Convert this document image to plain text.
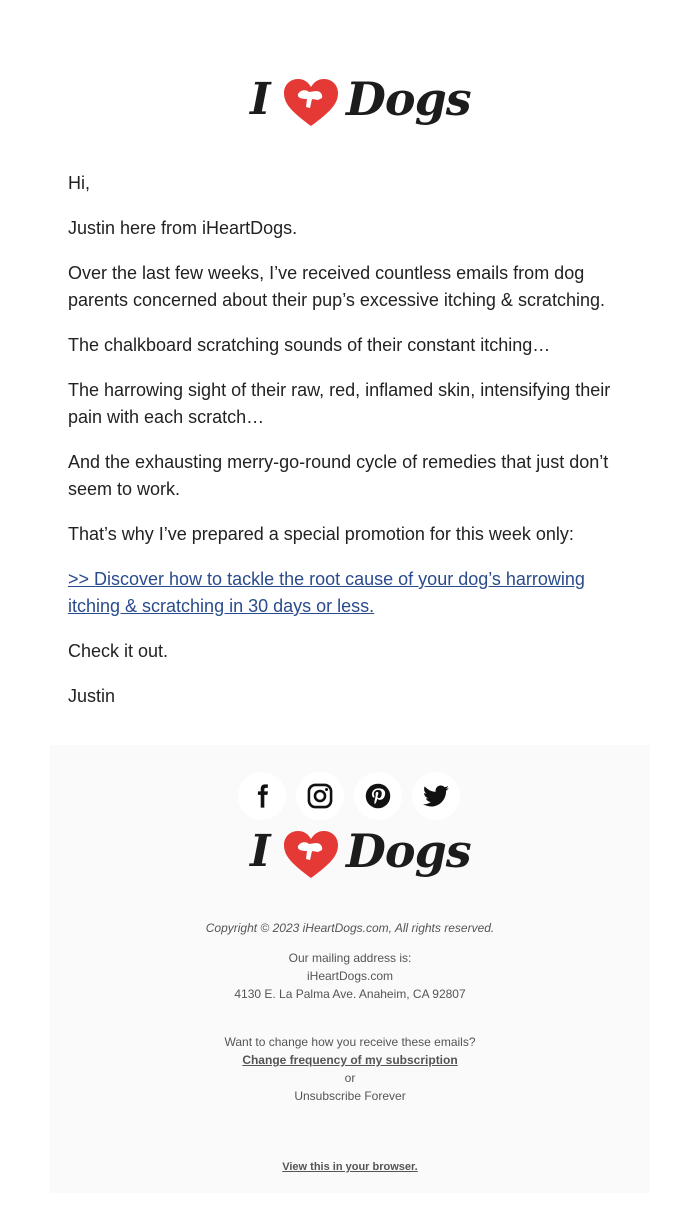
I Dogs

Hi,

Justin here from iHeartDogs.

Over the last few weeks, I’ve received countless emails from dog parents concerned about their pup’s excessive itching & scratching.

The chalkboard scratching sounds of their constant itching…

The harrowing sight of their raw, red, inflamed skin, intensifying their pain with each scratch…

And the exhausting merry-go-round cycle of remedies that just don’t seem to work.

That’s why I’ve prepared a special promotion for this week only:

>> Discover how to tackle the root cause of your dog’s harrowing itching & scratching in 30 days or less.

Check it out.

Justin

Copyright © 2023 iHeartDogs.com, All rights reserved.
Our mailing address is:
iHeartDogs.com
4130 E. La Palma Ave. Anaheim, CA 92807
Want to change how you receive these emails?
Change frequency of my subscription
or
Unsubscribe Forever
View this in your browser.
I Dogs
